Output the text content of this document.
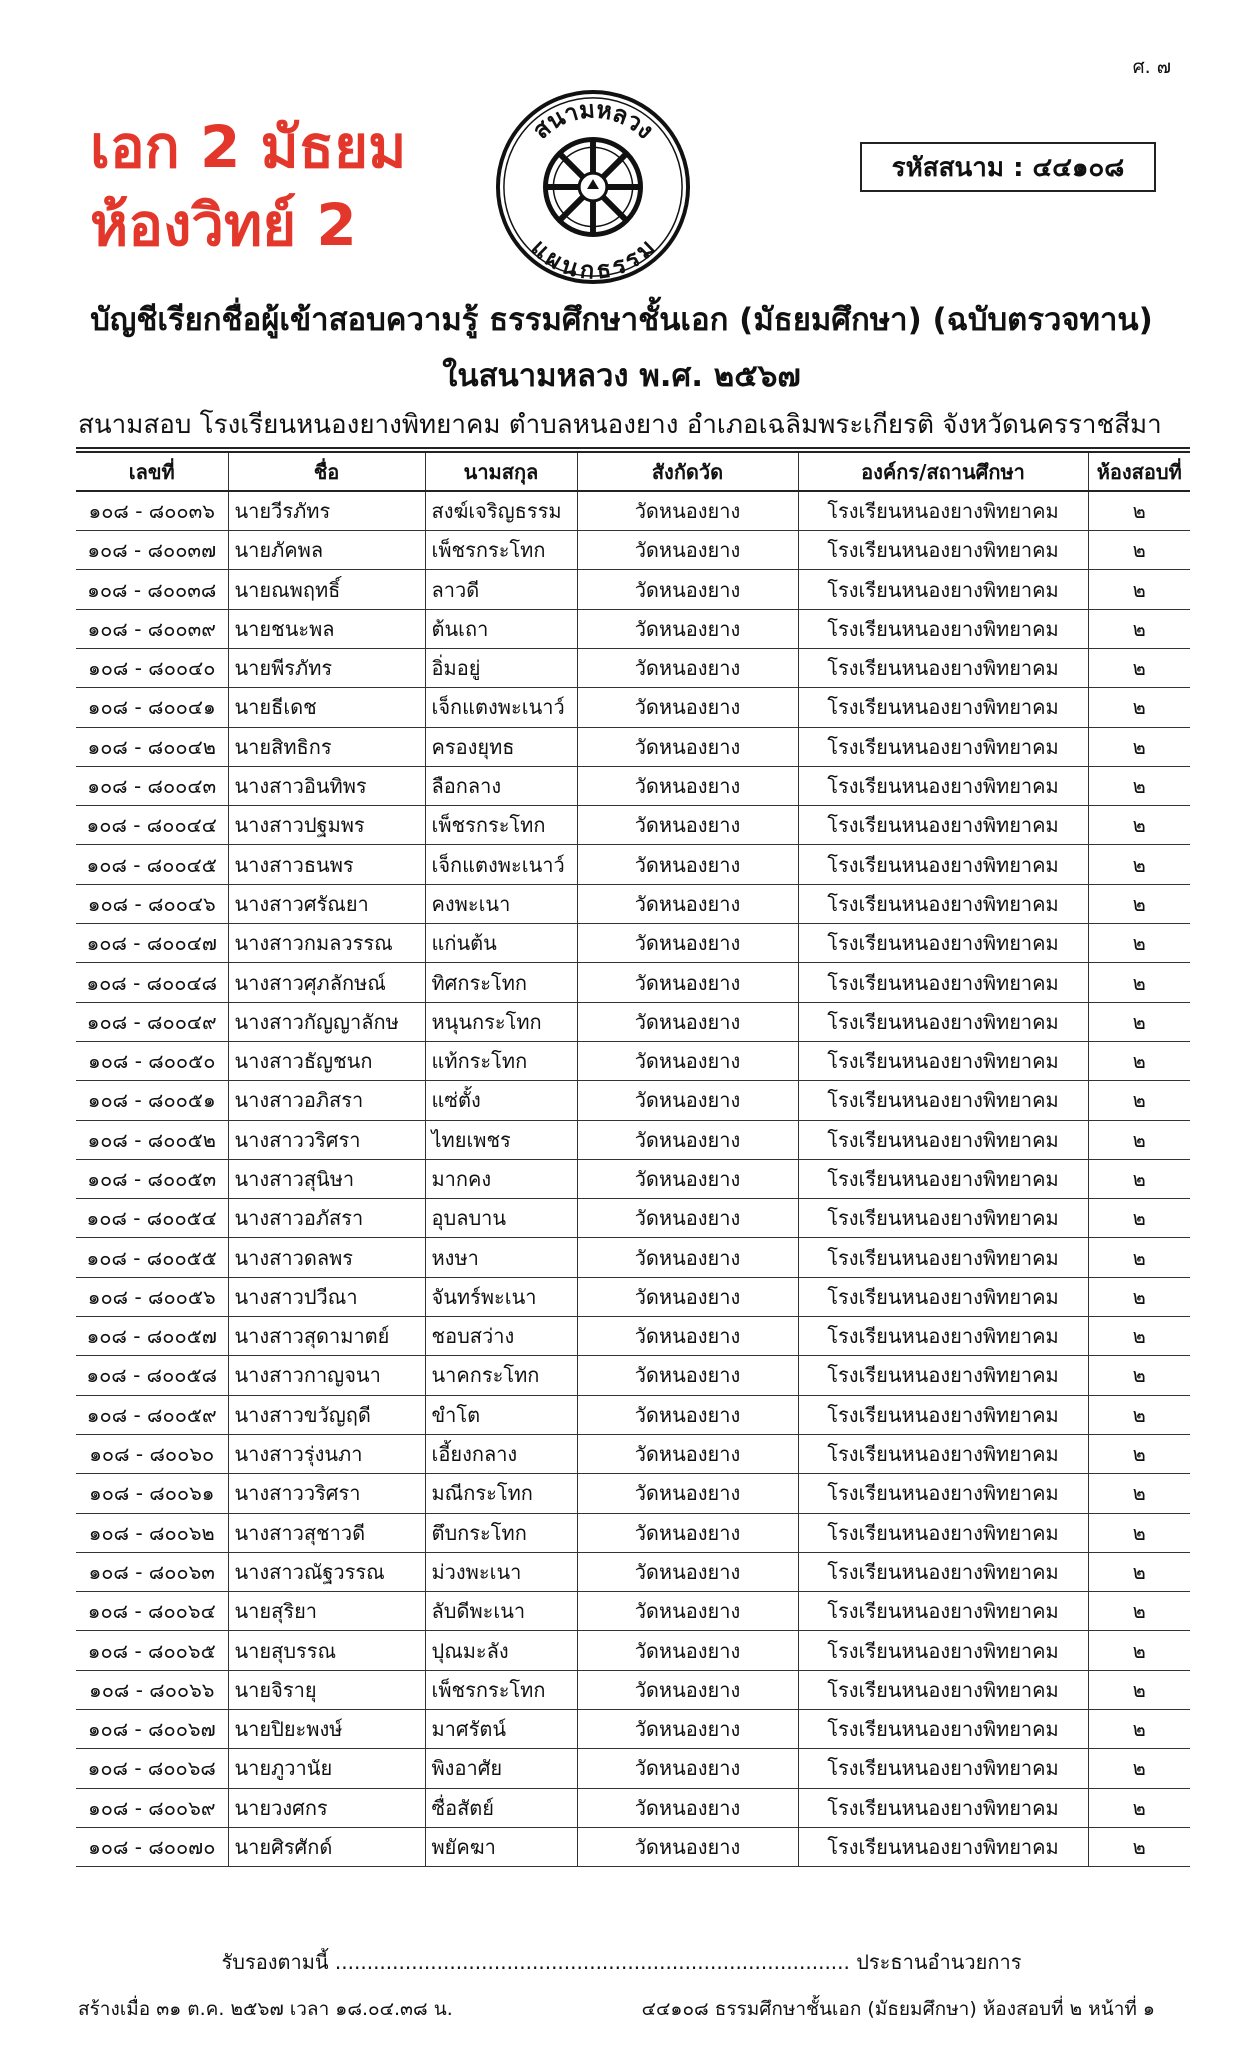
ศ. ๗
เอก 2 มัธยม
ห้องวิทย์ 2
สนามหลวง
แผนกธรรม
รหัสสนาม : ๔๔๑๐๘
บัญชีเรียกชื่อผู้เข้าสอบความรู้ ธรรมศึกษาชั้นเอก (มัธยมศึกษา) (ฉบับตรวจทาน)
ในสนามหลวง พ.ศ. ๒๕๖๗
สนามสอบ โรงเรียนหนองยางพิทยาคม ตำบลหนองยาง อำเภอเฉลิมพระเกียรติ จังหวัดนครราชสีมา
เลขที่	ชื่อ	นามสกุล	สังกัดวัด	องค์กร/สถานศึกษา	ห้องสอบที่
๑๐๘ - ๘๐๐๓๖	นายวีรภัทร	สงฆ์เจริญธรรม	วัดหนองยาง	โรงเรียนหนองยางพิทยาคม	๒
๑๐๘ - ๘๐๐๓๗	นายภัคพล	เพ็ชรกระโทก	วัดหนองยาง	โรงเรียนหนองยางพิทยาคม	๒
๑๐๘ - ๘๐๐๓๘	นายณพฤทธิ์	ลาวดี	วัดหนองยาง	โรงเรียนหนองยางพิทยาคม	๒
๑๐๘ - ๘๐๐๓๙	นายชนะพล	ต้นเถา	วัดหนองยาง	โรงเรียนหนองยางพิทยาคม	๒
๑๐๘ - ๘๐๐๔๐	นายพีรภัทร	อิ่มอยู่	วัดหนองยาง	โรงเรียนหนองยางพิทยาคม	๒
๑๐๘ - ๘๐๐๔๑	นายธีเดช	เจ็กแตงพะเนาว์	วัดหนองยาง	โรงเรียนหนองยางพิทยาคม	๒
๑๐๘ - ๘๐๐๔๒	นายสิทธิกร	ครองยุทธ	วัดหนองยาง	โรงเรียนหนองยางพิทยาคม	๒
๑๐๘ - ๘๐๐๔๓	นางสาวอินทิพร	ลือกลาง	วัดหนองยาง	โรงเรียนหนองยางพิทยาคม	๒
๑๐๘ - ๘๐๐๔๔	นางสาวปฐมพร	เพ็ชรกระโทก	วัดหนองยาง	โรงเรียนหนองยางพิทยาคม	๒
๑๐๘ - ๘๐๐๔๕	นางสาวธนพร	เจ็กแตงพะเนาว์	วัดหนองยาง	โรงเรียนหนองยางพิทยาคม	๒
๑๐๘ - ๘๐๐๔๖	นางสาวศรัณยา	คงพะเนา	วัดหนองยาง	โรงเรียนหนองยางพิทยาคม	๒
๑๐๘ - ๘๐๐๔๗	นางสาวกมลวรรณ	แก่นต้น	วัดหนองยาง	โรงเรียนหนองยางพิทยาคม	๒
๑๐๘ - ๘๐๐๔๘	นางสาวศุภลักษณ์	ทิศกระโทก	วัดหนองยาง	โรงเรียนหนองยางพิทยาคม	๒
๑๐๘ - ๘๐๐๔๙	นางสาวกัญญาลักษ	หนุนกระโทก	วัดหนองยาง	โรงเรียนหนองยางพิทยาคม	๒
๑๐๘ - ๘๐๐๕๐	นางสาวธัญชนก	แท้กระโทก	วัดหนองยาง	โรงเรียนหนองยางพิทยาคม	๒
๑๐๘ - ๘๐๐๕๑	นางสาวอภิสรา	แซ่ตั้ง	วัดหนองยาง	โรงเรียนหนองยางพิทยาคม	๒
๑๐๘ - ๘๐๐๕๒	นางสาววริศรา	ไทยเพชร	วัดหนองยาง	โรงเรียนหนองยางพิทยาคม	๒
๑๐๘ - ๘๐๐๕๓	นางสาวสุนิษา	มากคง	วัดหนองยาง	โรงเรียนหนองยางพิทยาคม	๒
๑๐๘ - ๘๐๐๕๔	นางสาวอภัสรา	อุบลบาน	วัดหนองยาง	โรงเรียนหนองยางพิทยาคม	๒
๑๐๘ - ๘๐๐๕๕	นางสาวดลพร	หงษา	วัดหนองยาง	โรงเรียนหนองยางพิทยาคม	๒
๑๐๘ - ๘๐๐๕๖	นางสาวปวีณา	จันทร์พะเนา	วัดหนองยาง	โรงเรียนหนองยางพิทยาคม	๒
๑๐๘ - ๘๐๐๕๗	นางสาวสุดามาตย์	ชอบสว่าง	วัดหนองยาง	โรงเรียนหนองยางพิทยาคม	๒
๑๐๘ - ๘๐๐๕๘	นางสาวกาญจนา	นาคกระโทก	วัดหนองยาง	โรงเรียนหนองยางพิทยาคม	๒
๑๐๘ - ๘๐๐๕๙	นางสาวขวัญฤดี	ขำโต	วัดหนองยาง	โรงเรียนหนองยางพิทยาคม	๒
๑๐๘ - ๘๐๐๖๐	นางสาวรุ่งนภา	เอี้ยงกลาง	วัดหนองยาง	โรงเรียนหนองยางพิทยาคม	๒
๑๐๘ - ๘๐๐๖๑	นางสาววริศรา	มณีกระโทก	วัดหนองยาง	โรงเรียนหนองยางพิทยาคม	๒
๑๐๘ - ๘๐๐๖๒	นางสาวสุชาวดี	ตึบกระโทก	วัดหนองยาง	โรงเรียนหนองยางพิทยาคม	๒
๑๐๘ - ๘๐๐๖๓	นางสาวณัฐวรรณ	ม่วงพะเนา	วัดหนองยาง	โรงเรียนหนองยางพิทยาคม	๒
๑๐๘ - ๘๐๐๖๔	นายสุริยา	ลับดีพะเนา	วัดหนองยาง	โรงเรียนหนองยางพิทยาคม	๒
๑๐๘ - ๘๐๐๖๕	นายสุบรรณ	ปุณมะลัง	วัดหนองยาง	โรงเรียนหนองยางพิทยาคม	๒
๑๐๘ - ๘๐๐๖๖	นายจิรายุ	เพ็ชรกระโทก	วัดหนองยาง	โรงเรียนหนองยางพิทยาคม	๒
๑๐๘ - ๘๐๐๖๗	นายปิยะพงษ์	มาศรัตน์	วัดหนองยาง	โรงเรียนหนองยางพิทยาคม	๒
๑๐๘ - ๘๐๐๖๘	นายภูวานัย	พิงอาศัย	วัดหนองยาง	โรงเรียนหนองยางพิทยาคม	๒
๑๐๘ - ๘๐๐๖๙	นายวงศกร	ซื่อสัตย์	วัดหนองยาง	โรงเรียนหนองยางพิทยาคม	๒
๑๐๘ - ๘๐๐๗๐	นายศิรศักด์	พยัคฆา	วัดหนองยาง	โรงเรียนหนองยางพิทยาคม	๒
รับรองตามนี้ ................................................................................. ประธานอำนวยการ
สร้างเมื่อ ๓๑ ต.ค. ๒๕๖๗ เวลา ๑๘.๐๔.๓๘ น.	๔๔๑๐๘ ธรรมศึกษาชั้นเอก (มัธยมศึกษา) ห้องสอบที่ ๒ หน้าที่ ๑
